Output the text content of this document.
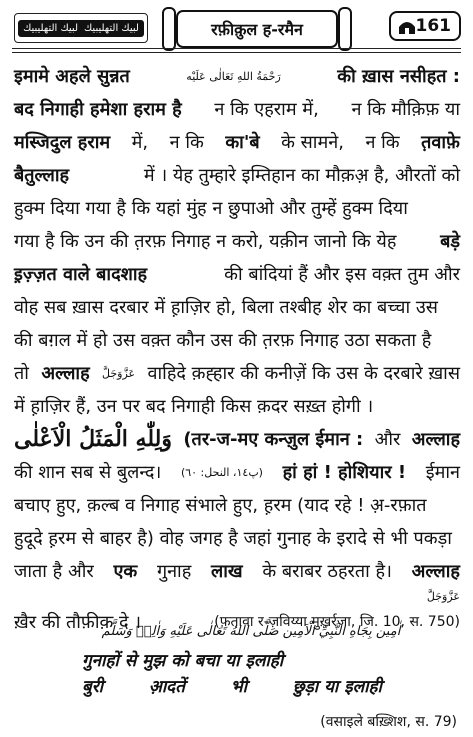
لبيك التهليبيك لبيك التهليبيك	रफ़ीक़ुल ह-रमैन	161
इमामे अहले सुन्नत	رَحْمَةُ اللهِ تَعَالٰى عَلَيْه	की ख़ास नसीहत :
बद निगाही हमेशा हराम है न कि एहराम में, न कि मौक़िफ़ या
मस्जिदुल हराम में, न कि का'बे के सामने, न कि त़वाफ़े
बैतुल्लाह	में । येह तुम्हारे इम्तिहान का मौक़अ़ है, औरतों को
हुक्म दिया गया है कि यहां मुंह न छुपाओ और तुम्हें हुक्म दिया
गया है कि उन की त़रफ़ निगाह न करो, यक़ीन जानो कि येह बड़े
इ़ज़्ज़त वाले बादशाह	की बांदियां हैं और इस वक़्त तुम और
वोह सब ख़ास दरबार में ह़ाज़िर हो, बिला तश्बीह शेर का बच्चा उस
की बग़ल में हो उस वक़्त कौन उस की त़रफ़ निगाह उठा सकता है
तो अल्लाह عَزَّوَجَلَّ वाहिदे क़ह्हार की कनीज़ें कि उस के दरबारे ख़ास
में ह़ाज़िर हैं, उन पर बद निगाही किस क़दर सख़्त होगी ।
وَلِلّٰهِ الْمَثَلُ الْاَعْلٰى (तर-ज-मए कन्ज़ुल ईमान : और अल्लाह
की शान सब से बुलन्द। (پ١٤، النحل: ٦٠) हां हां ! होशियार ! ईमान
बचाए हुए, क़ल्ब व निगाह संभाले हुए, ह़रम (याद रहे ! अ़-रफ़ात
हुदूदे ह़रम से बाहर है) वोह जगह है जहां गुनाह के इरादे से भी पकड़ा
जाता है और एक गुनाह लाख के बराबर ठहरता है। अल्लाह
عَزَّوَجَلَّ
ख़ैर की तौफ़ीक़ दे ।	(फ़तावा र-ज़विय्या मुख़र्रजा, जि. 10, स. 750)
اٰمِين بِجَاهِ النَّبِيِّ الْاَمِين صَلَّى اللهُ تَعَالٰى عَلَيْهِ وَاٰلِهٖ وَسَلَّم
गुनाहों से मुझ को बचा या इलाही
बुरी	आ़दतें	भी	छुड़ा या इलाही
(वसाइले बख़्शिश, स. 79)
